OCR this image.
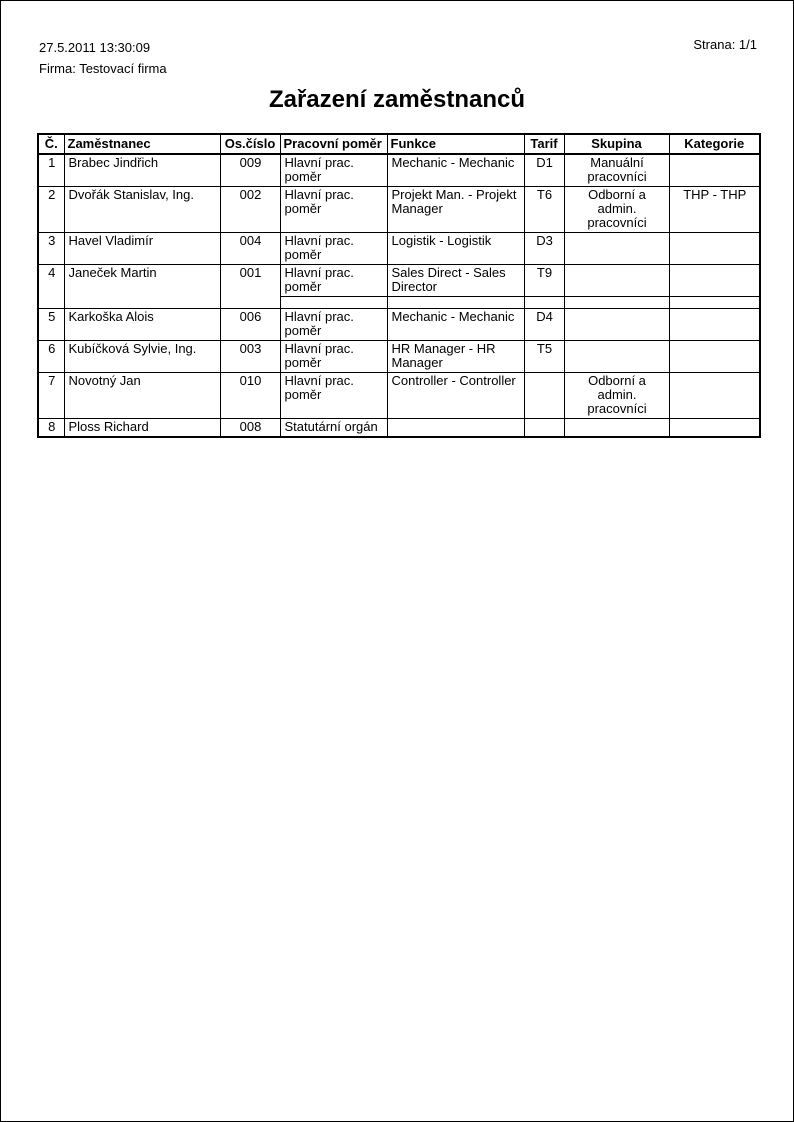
27.5.2011 13:30:09
Firma: Testovací firma
Strana: 1/1
Zařazení zaměstnanců
Č.	Zaměstnanec	Os.číslo	Pracovní poměr	Funkce	Tarif	Skupina	Kategorie
1	Brabec Jindřich	009	Hlavní prac. poměr	Mechanic - Mechanic	D1	Manuální pracovníci	
2	Dvořák Stanislav, Ing.	002	Hlavní prac. poměr	Projekt Man. - Projekt Manager	T6	Odborní a admin. pracovníci	THP - THP
3	Havel Vladimír	004	Hlavní prac. poměr	Logistik - Logistik	D3		
4	Janeček Martin	001	Hlavní prac. poměr	Sales Direct - Sales Director	T9		

5	Karkoška Alois	006	Hlavní prac. poměr	Mechanic - Mechanic	D4		
6	Kubíčková Sylvie, Ing.	003	Hlavní prac. poměr	HR Manager - HR Manager	T5		
7	Novotný Jan	010	Hlavní prac. poměr	Controller - Controller		Odborní a admin. pracovníci	
8	Ploss Richard	008	Statutární orgán				
